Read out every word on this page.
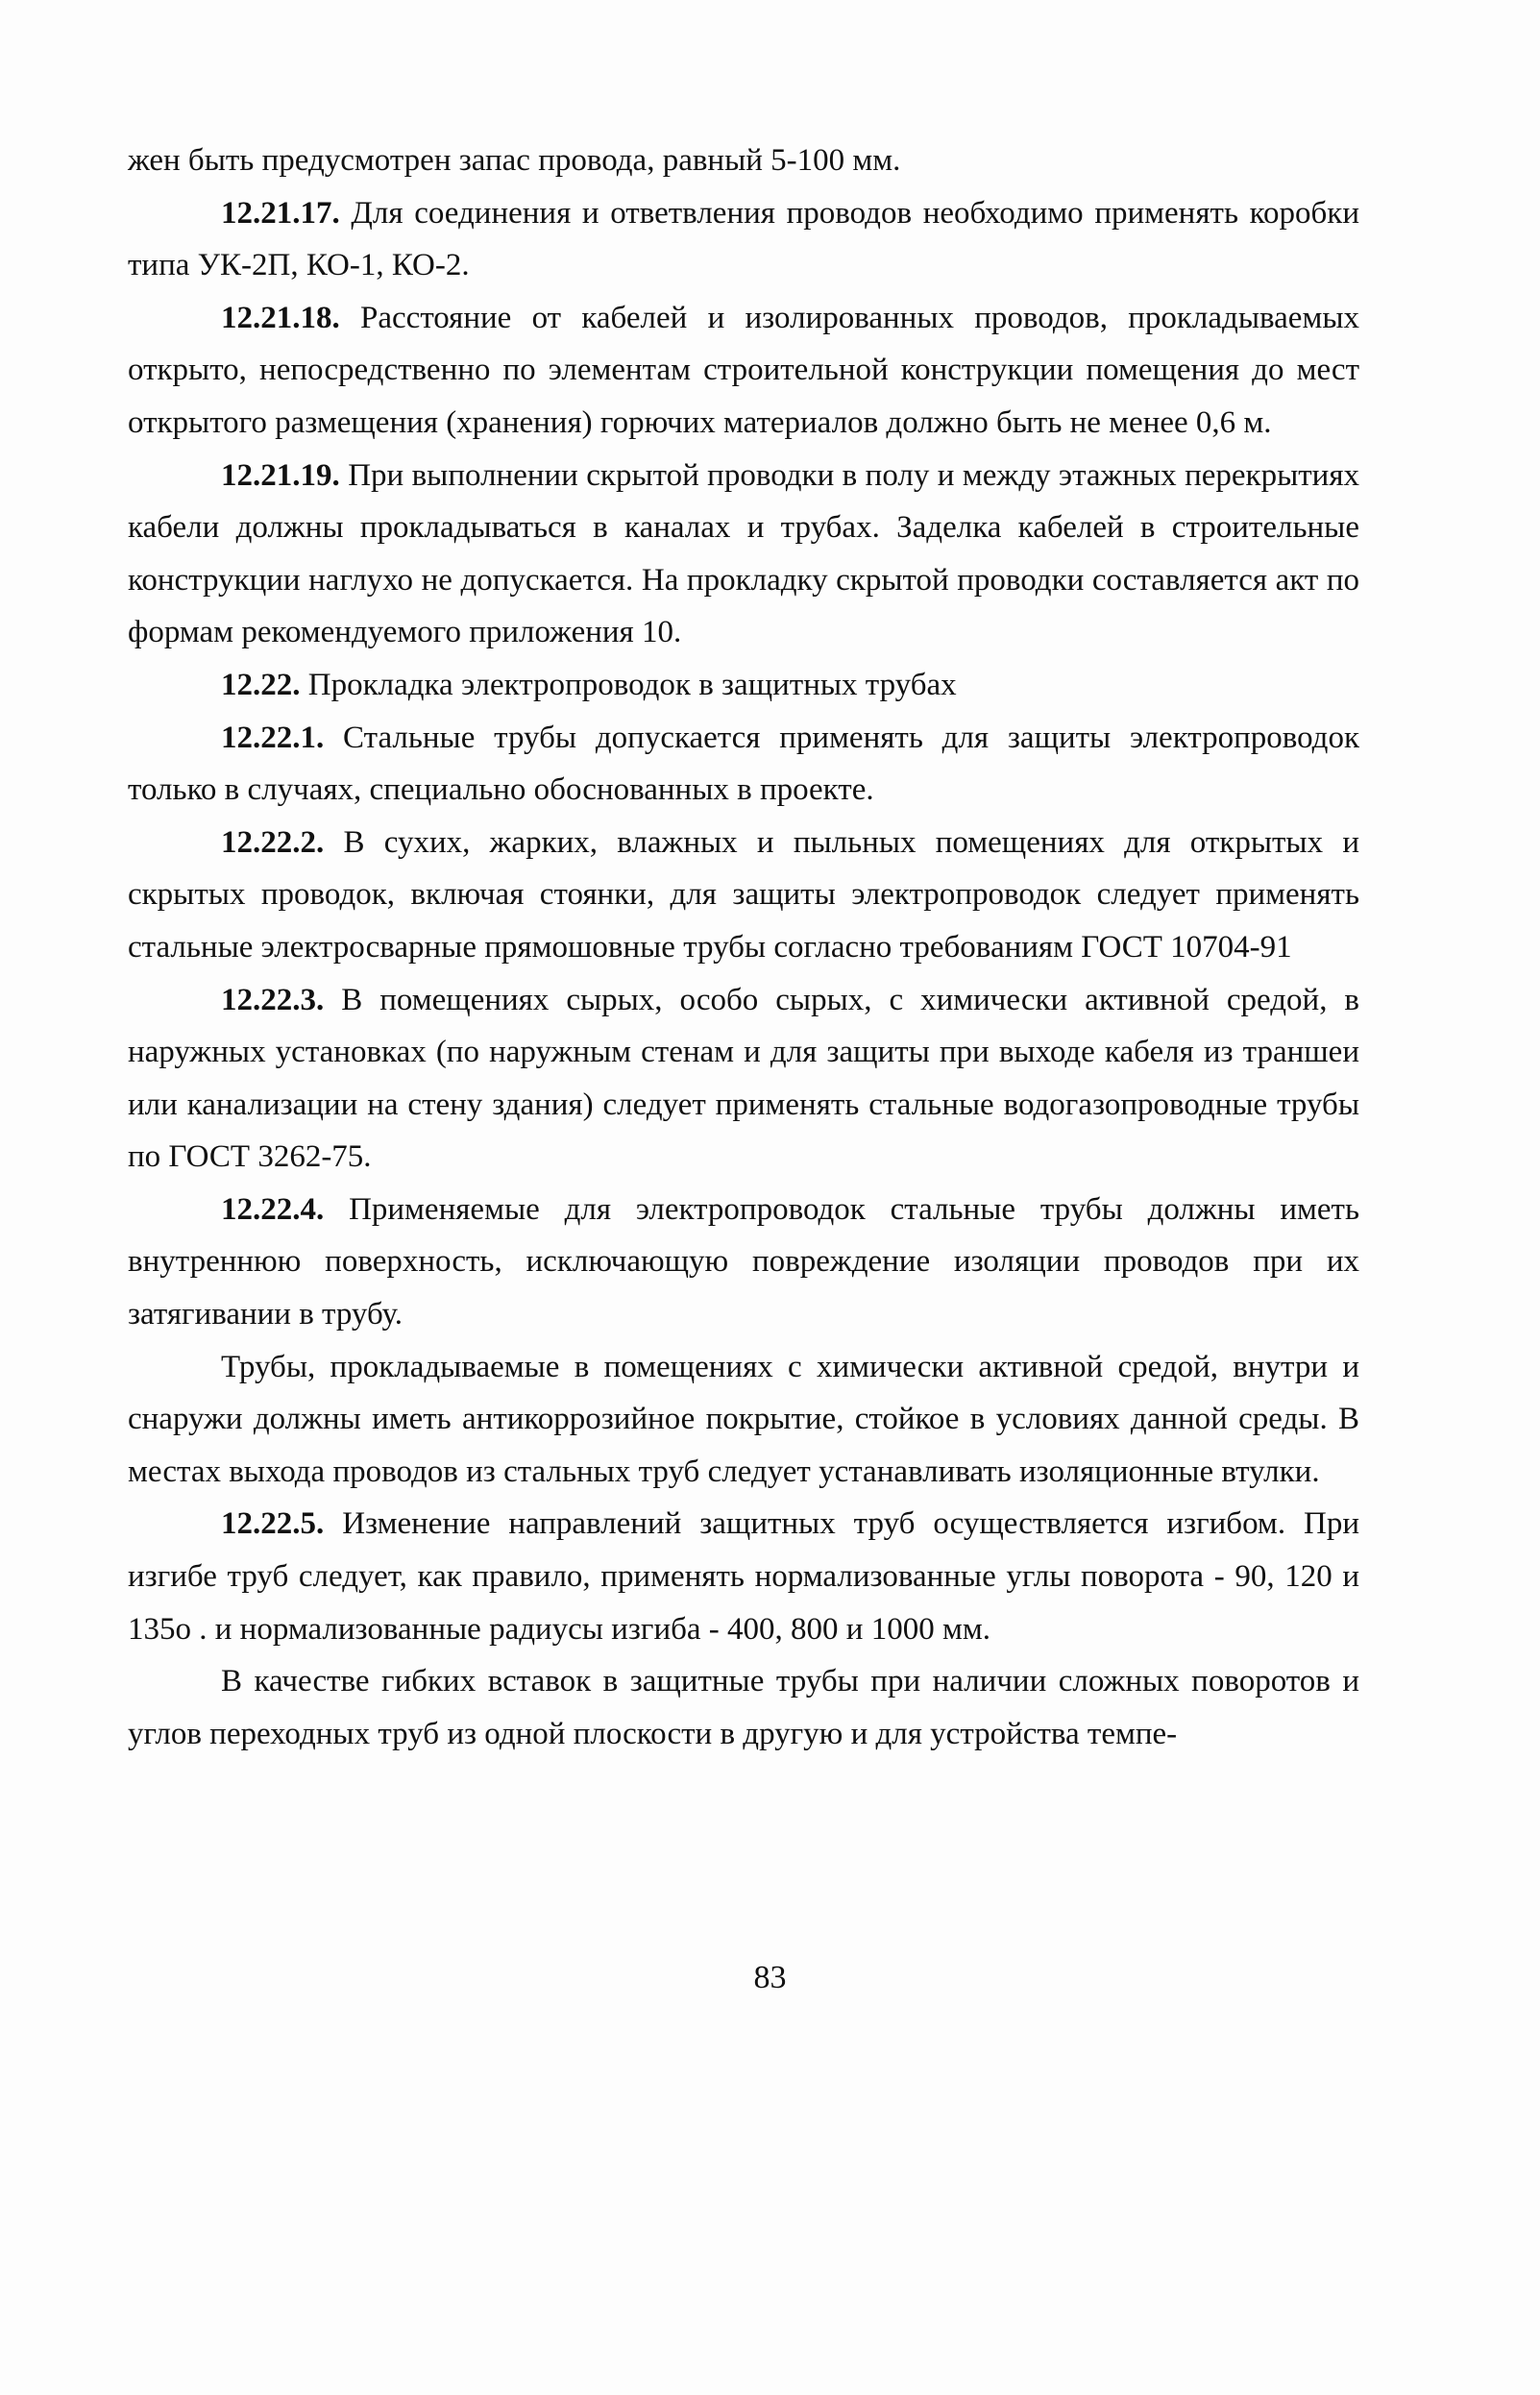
жен быть предусмотрен запас провода, равный 5-100 мм.

12.21.17. Для соединения и ответвления проводов необходимо применять коробки типа УК-2П, КО-1, КО-2.

12.21.18. Расстояние от кабелей и изолированных проводов, прокладываемых открыто, непосредственно по элементам строительной конструкции помещения до мест открытого размещения (хранения) горючих материалов должно быть не менее 0,6 м.

12.21.19. При выполнении скрытой проводки в полу и между этажных перекрытиях кабели должны прокладываться в каналах и трубах. Заделка кабелей в строительные конструкции наглухо не допускается. На прокладку скрытой проводки составляется акт по формам рекомендуемого приложения 10.

12.22. Прокладка электропроводок в защитных трубах

12.22.1. Стальные трубы допускается применять для защиты электропроводок только в случаях, специально обоснованных в проекте.

12.22.2. В сухих, жарких, влажных и пыльных помещениях для открытых и скрытых проводок, включая стоянки, для защиты электропроводок следует применять стальные электросварные прямошовные трубы согласно требованиям ГОСТ 10704-91

12.22.3. В помещениях сырых, особо сырых, с химически активной средой, в наружных установках (по наружным стенам и для защиты при выходе кабеля из траншеи или канализации на стену здания) следует применять стальные водогазопроводные трубы по ГОСТ 3262-75.

12.22.4. Применяемые для электропроводок стальные трубы должны иметь внутреннюю поверхность, исключающую повреждение изоляции проводов при их затягивании в трубу.

Трубы, прокладываемые в помещениях с химически активной средой, внутри и снаружи должны иметь антикоррозийное покрытие, стойкое в условиях данной среды. В местах выхода проводов из стальных труб следует устанавливать изоляционные втулки.

12.22.5. Изменение направлений защитных труб осуществляется изгибом. При изгибе труб следует, как правило, применять нормализованные углы поворота - 90, 120 и 135о . и нормализованные радиусы изгиба - 400, 800 и 1000 мм.

В качестве гибких вставок в защитные трубы при наличии сложных поворотов и углов переходных труб из одной плоскости в другую и для устройства темпе-

83
